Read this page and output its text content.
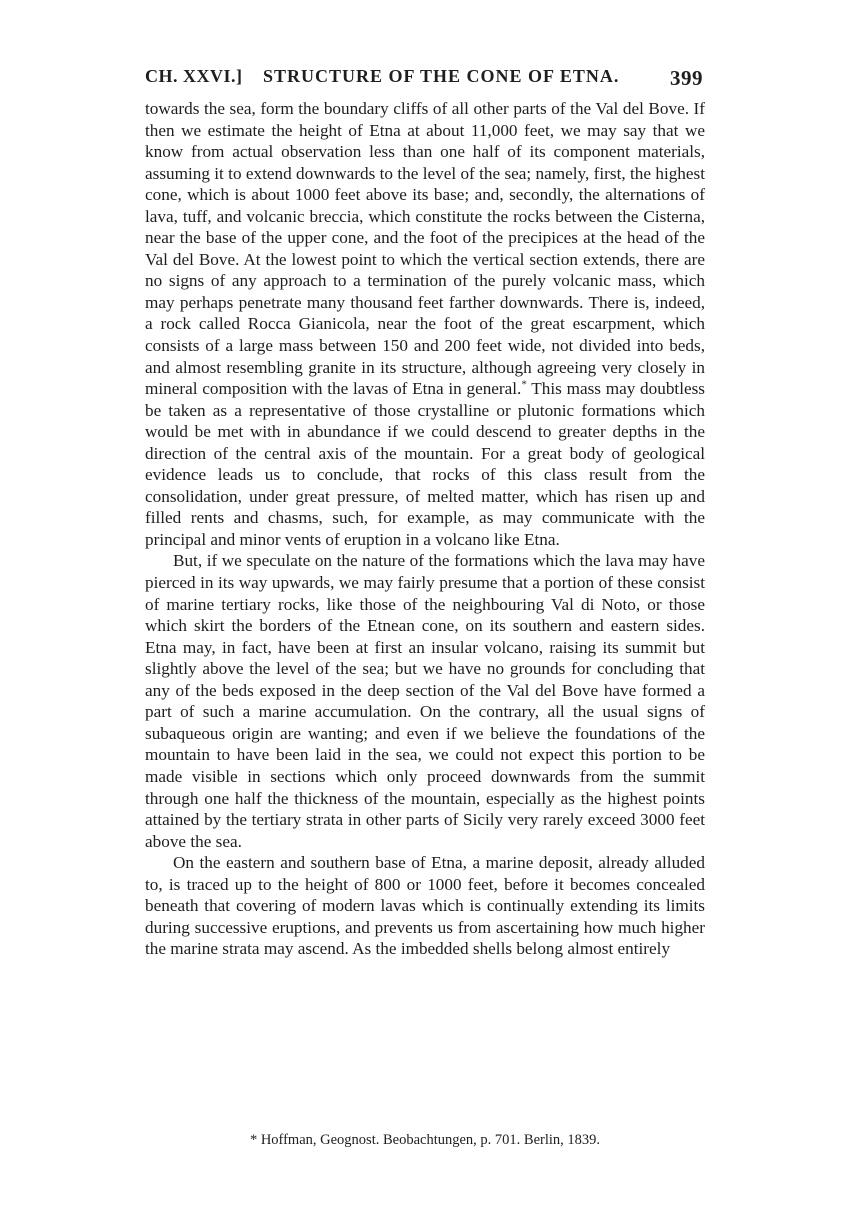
CH. XXVI.] STRUCTURE OF THE CONE OF ETNA. 399

towards the sea, form the boundary cliffs of all other parts of the Val del Bove. If then we estimate the height of Etna at about 11,000 feet, we may say that we know from actual observation less than one half of its component materials, assuming it to extend downwards to the level of the sea; namely, first, the highest cone, which is about 1000 feet above its base; and, secondly, the alternations of lava, tuff, and volcanic breccia, which constitute the rocks between the Cisterna, near the base of the upper cone, and the foot of the precipices at the head of the Val del Bove. At the lowest point to which the vertical section extends, there are no signs of any approach to a termination of the purely volcanic mass, which may perhaps penetrate many thousand feet farther downwards. There is, indeed, a rock called Rocca Gianicola, near the foot of the great escarpment, which consists of a large mass between 150 and 200 feet wide, not divided into beds, and almost resembling granite in its structure, although agreeing very closely in mineral composition with the lavas of Etna in general.* This mass may doubtless be taken as a representative of those crystalline or plutonic formations which would be met with in abundance if we could descend to greater depths in the direction of the central axis of the mountain. For a great body of geological evidence leads us to conclude, that rocks of this class result from the consolidation, under great pressure, of melted matter, which has risen up and filled rents and chasms, such, for example, as may communicate with the principal and minor vents of eruption in a volcano like Etna.

But, if we speculate on the nature of the formations which the lava may have pierced in its way upwards, we may fairly presume that a portion of these consist of marine tertiary rocks, like those of the neighbouring Val di Noto, or those which skirt the borders of the Etnean cone, on its southern and eastern sides. Etna may, in fact, have been at first an insular volcano, raising its summit but slightly above the level of the sea; but we have no grounds for concluding that any of the beds exposed in the deep section of the Val del Bove have formed a part of such a marine accumulation. On the contrary, all the usual signs of subaqueous origin are wanting; and even if we believe the foundations of the mountain to have been laid in the sea, we could not expect this portion to be made visible in sections which only proceed downwards from the summit through one half the thickness of the mountain, especially as the highest points attained by the tertiary strata in other parts of Sicily very rarely exceed 3000 feet above the sea.

On the eastern and southern base of Etna, a marine deposit, already alluded to, is traced up to the height of 800 or 1000 feet, before it becomes concealed beneath that covering of modern lavas which is continually extending its limits during successive eruptions, and prevents us from ascertaining how much higher the marine strata may ascend. As the imbedded shells belong almost entirely

* Hoffman, Geognost. Beobachtungen, p. 701. Berlin, 1839.
